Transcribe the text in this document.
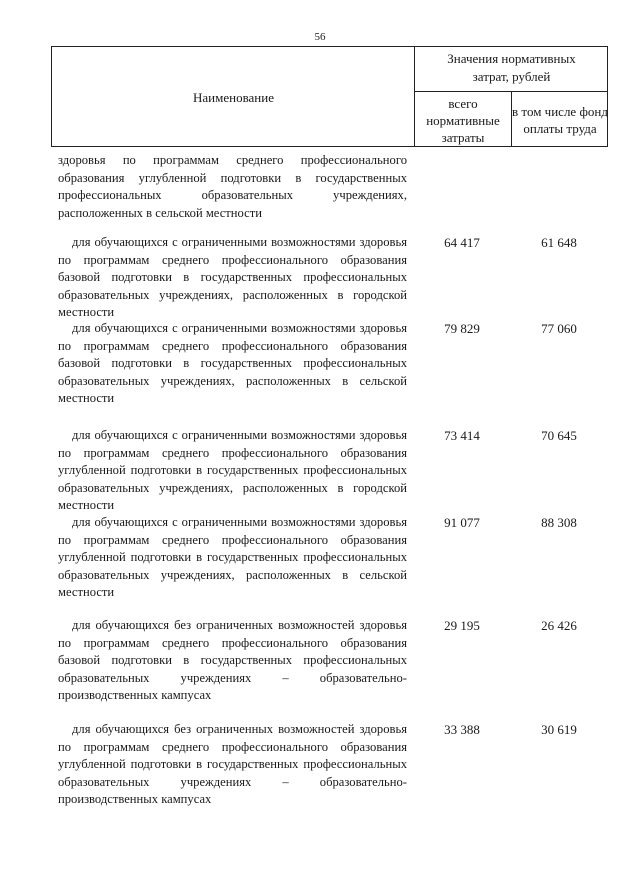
56
Наименование
Значения нормативных
затрат, рублей
всего нормативные затраты
в том числе фонд оплаты труда
здоровья по программам среднего профессионального образования углубленной подготовки в государственных профессиональных образовательных учреждениях, расположенных в сельской местности
для обучающихся с ограниченными возможностями здоровья по программам среднего профессионального образования базовой подготовки в государственных профессиональных образовательных учреждениях, расположенных в городской местности
64 417	61 648
для обучающихся с ограниченными возможностями здоровья по программам среднего профессионального образования базовой подготовки в государственных профессиональных образовательных учреждениях, расположенных в сельской местности
79 829	77 060
для обучающихся с ограниченными возможностями здоровья по программам среднего профессионального образования углубленной подготовки в государственных профессиональных образовательных учреждениях, расположенных в городской местности
73 414	70 645
для обучающихся с ограниченными возможностями здоровья по программам среднего профессионального образования углубленной подготовки в государственных профессиональных образовательных учреждениях, расположенных в сельской местности
91 077	88 308
для обучающихся без ограниченных возможностей здоровья по программам среднего профессионального образования базовой подготовки в государственных профессиональных образовательных учреждениях – образовательно-производственных кампусах
29 195	26 426
для обучающихся без ограниченных возможностей здоровья по программам среднего профессионального образования углубленной подготовки в государственных профессиональных образовательных учреждениях – образовательно-производственных кампусах
33 388	30 619
